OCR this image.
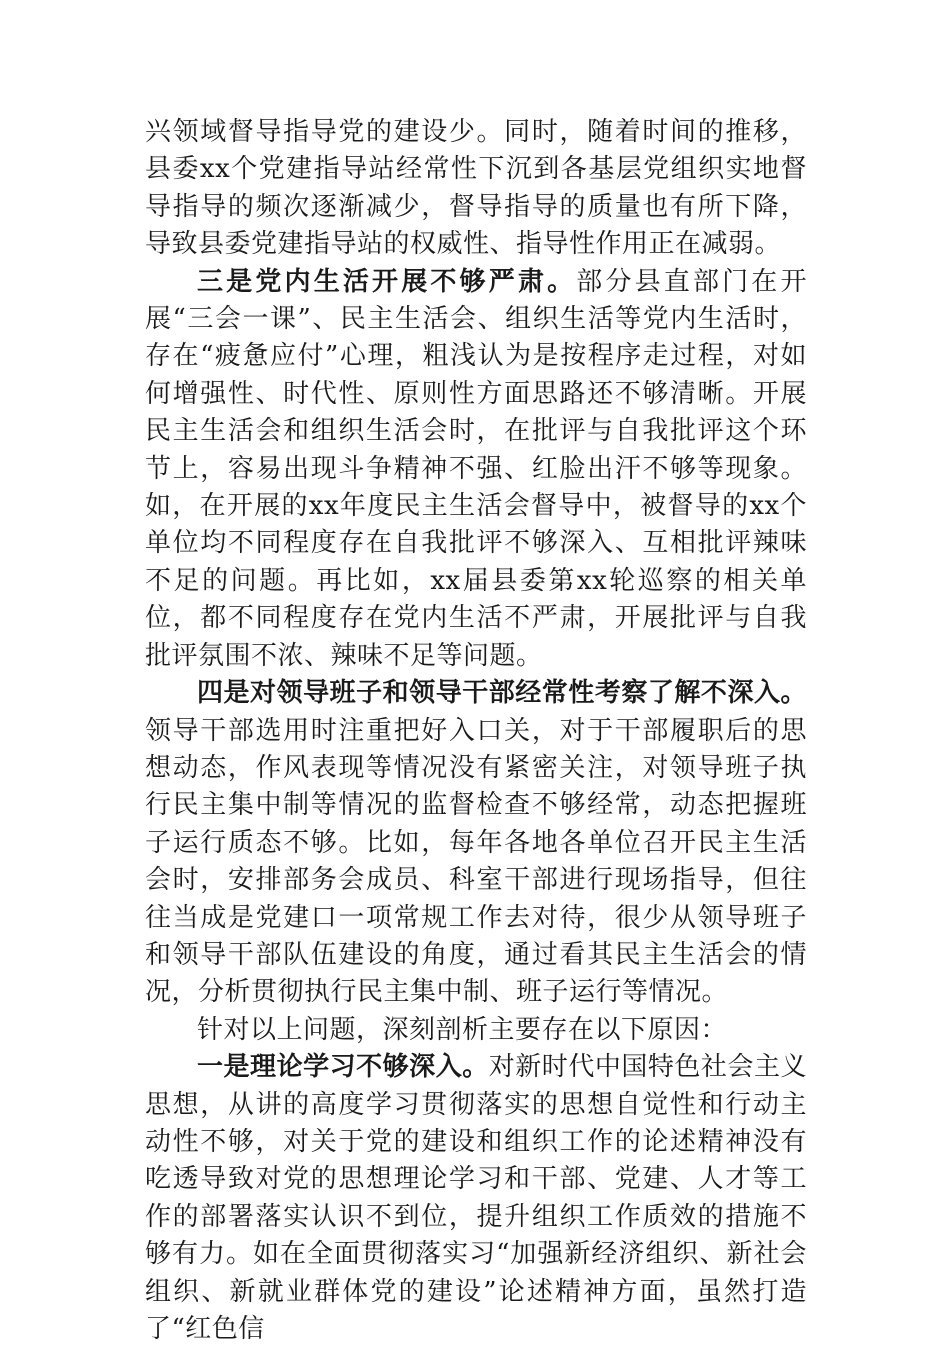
兴领域督导指导党的建设少。同时，随着时间的推移，县委xx个党建指导站经常性下沉到各基层党组织实地督导指导的频次逐渐减少，督导指导的质量也有所下降，导致县委党建指导站的权威性、指导性作用正在减弱。

三是党内生活开展不够严肃。部分县直部门在开展“三会一课”、民主生活会、组织生活等党内生活时，存在“疲惫应付”心理，粗浅认为是按程序走过程，对如何增强性、时代性、原则性方面思路还不够清晰。开展民主生活会和组织生活会时，在批评与自我批评这个环节上，容易出现斗争精神不强、红脸出汗不够等现象。如，在开展的xx年度民主生活会督导中，被督导的xx个单位均不同程度存在自我批评不够深入、互相批评辣味不足的问题。再比如，xx届县委第xx轮巡察的相关单位，都不同程度存在党内生活不严肃，开展批评与自我批评氛围不浓、辣味不足等问题。

四是对领导班子和领导干部经常性考察了解不深入。领导干部选用时注重把好入口关，对于干部履职后的思想动态，作风表现等情况没有紧密关注，对领导班子执行民主集中制等情况的监督检查不够经常，动态把握班子运行质态不够。比如，每年各地各单位召开民主生活会时，安排部务会成员、科室干部进行现场指导，但往往当成是党建口一项常规工作去对待，很少从领导班子和领导干部队伍建设的角度，通过看其民主生活会的情况，分析贯彻执行民主集中制、班子运行等情况。

针对以上问题，深刻剖析主要存在以下原因：

一是理论学习不够深入。对新时代中国特色社会主义思想，从讲的高度学习贯彻落实的思想自觉性和行动主动性不够，对关于党的建设和组织工作的论述精神没有吃透导致对党的思想理论学习和干部、党建、人才等工作的部署落实认识不到位，提升组织工作质效的措施不够有力。如在全面贯彻落实习“加强新经济组织、新社会组织、新就业群体党的建设”论述精神方面，虽然打造了“红色信
